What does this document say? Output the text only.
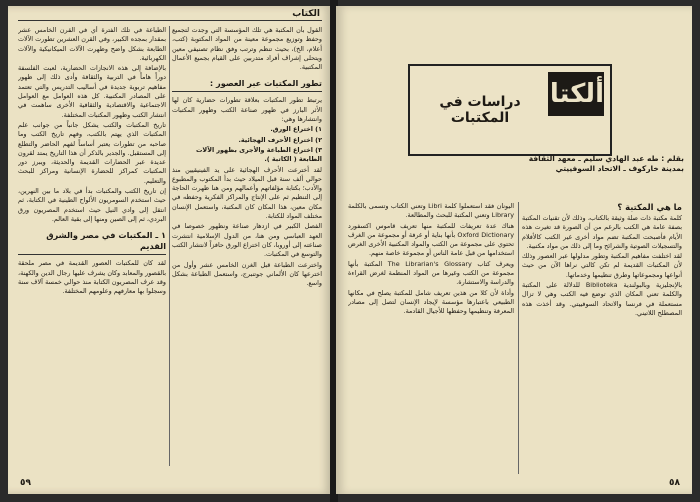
الكتاب

القول بأن المكتبة هي تلك المؤسسة التي وجدت لتجميع وحفظ وتوزيع مجموعة معينة من المواد المكتوبة (كتب، أعلام، الخ)، بحيث تنظم وترتب وفق نظام تصنيفي معين ويتحلى إشراف أفراد متدربين على القيام بجميع الأعمال المكتبية.

تطور المكتبات عبر العصور :

يرتبط تطور المكتبات بعلاقة تطورات حضارية كان لها الأثر البارز في ظهور صناعة الكتب وظهور المكتبات وانتشارها وهي:

١) اختراع الورق.

٢) اختراع الأحرف الهجائية.

٣) اختراع الطباعة والأجرى بظهور الآلات الطابعة ( الكاتبة ).

لقد أخترعت الأحرف الهجائية على يد الفينيقيين منذ حوالي ألف سنة قبل الميلاد حيث بدأ المكتوب والمطبوع والأدب؛ بكتابة مؤلفاتهم وأعمالهم ومن هنا ظهرت الحاجة إلى التنظيم ثم على الإنتاج والمراكز الفكرية وحفظه في مكان معين، هذا المكان كان المكتبة، واستعمل الإنسان مختلف المواد للكتابة.

الفصل الكبير في ازدهار صناعة ونظهور خصوصا في العهد العباسي ومن هنا، من الدول الإسلامية انتشرت صناعته إلى أوروبا، كان اختراع الورق حافزاً لانتشار الكتب والتوسع في المكتبات.

واخترعت الطباعة قبل الغرن الخامس عشر وأول من اخترعها كان الألماني جوتنبرج، واستعمل الطباعة بشكل واسع.

الطباعة في تلك الفترة أي في القرن الخامس عشر بمقدار بمجده الكبير، وفي القرن العشرين تطورت الآلات الطابعة بشكل واضح وظهرت الآلات الميكانيكية والآلات الكهربائية.

بالإضافة إلى هذه الانجازات الحضارية، لعبت الفلسفة دوراً هاماً في التربية والثقافة وأدى ذلك إلى ظهور مفاهيم تربوية جديدة في أساليب التدريس والتي تعتمد على المصادر المكتبية. كل هذه العوامل مع العوامل الاجتماعية والاقتصادية والثقافية الأخرى ساهمت في انتشار الكتب وظهور المكتبات المختلفة.

تاريخ المكتبات والكتب يشكل جانباً من جوانب علم المكتبات الذي يهتم بالكتب، وفهم تاريخ الكتب وما صاحبه من تطورات يعتبر أساساً لفهم الحاضر والتطلع إلى المستقبل. والجدير بالذكر أن هذا التاريخ يمتد لقرون عديدة عبر الحضارات القديمة والحديثة، ويبرز دور المكتبات كمراكز للحضارة الإنسانية ومراكز للبحث والتعليم.

إن تاريخ الكتب والمكتبات بدأ في بلاد ما بين النهرين، حيث استخدم السومريون الألواح الطينية في الكتابة، ثم انتقل إلى وادي النيل حيث استخدم المصريون ورق البردي، ثم إلى الصين ومنها إلى بقية العالم.

١ ـ المكتبات في مصر والشرق القديم

لقد كان للمكتبات العصور القديمة في مصر ملحقة بالقصور والمعابد وكان يشرف عليها رجال الدين والكهنة، وقد عرف المصريون الكتابة منذ حوالي خمسة آلاف سنة وسجلوا بها معارفهم وعلومهم المختلفة.

٥٩
ألكتاب
دراسات في المكتبات
بقلم : طه عبد الهادي سليم ـ معهد الثقافة
بمدينة خاركوف ـ الاتحاد السوفييتي

ما هي المكتبة ؟

كلمة مكتبة ذات صلة وثيقة بالكتاب، وذلك لأن تقنيات المكتبة بصفة عامة هي الكتب بالرغم من أن الصورة قد تغيرت هذه الأيام فأصبحت المكتبة تضم مواد أخرى غير الكتب كالأفلام والتسجيلات الصوتية والشرائح وما إلى ذلك من مواد مكتبية.

لقد اختلفت مفاهيم المكتبة وتطور مدلولها عبر العصور وذلك لأن المكتبات القديمة لم تكن كالتي نراها الآن من حيث أنواعها ومجموعاتها وطرق تنظيمها وخدماتها.

بالإنجليزية وبالبولندية Biblioteka للدلالة على المكتبة والكلمة تعني المكان الذي توضع فيه الكتب وهي لا تزال مستعملة في فرنسا والاتحاد السوفييتي. وقد أخذت هذه المصطلح اللاتيني.

اليونان فقد استعملوا كلمة Libri وتعني الكتاب وتسمى بالكلمة Library وتعني المكتبة للبحث والمطالعة.

هناك عدة تعريفات للمكتبة منها تعريف قاموس اكسفورد Oxford Dictionary بأنها بناية أو غرفة أو مجموعة من الغرف تحتوي على مجموعة من الكتب والمواد المكتبية الأخرى الغرض استخدامها من قبل عامة الناس أو مجموعة خاصة منهم.

ويعرف كتاب The Librarian's Glossary المكتبة بأنها مجموعة من الكتب وغيرها من المواد المنظمة لغرض القراءة والدراسة والاستشارة.

وأداة لأن كلا من هذين تعريف شامل للمكتبة يصلح في مكانها الطبيعي باعتبارها مؤسسة لإيجاد الإنسان لتصل إلى مصادر المعرفة وتنظيمها وحفظها للأجيال القادمة.

٥٨
